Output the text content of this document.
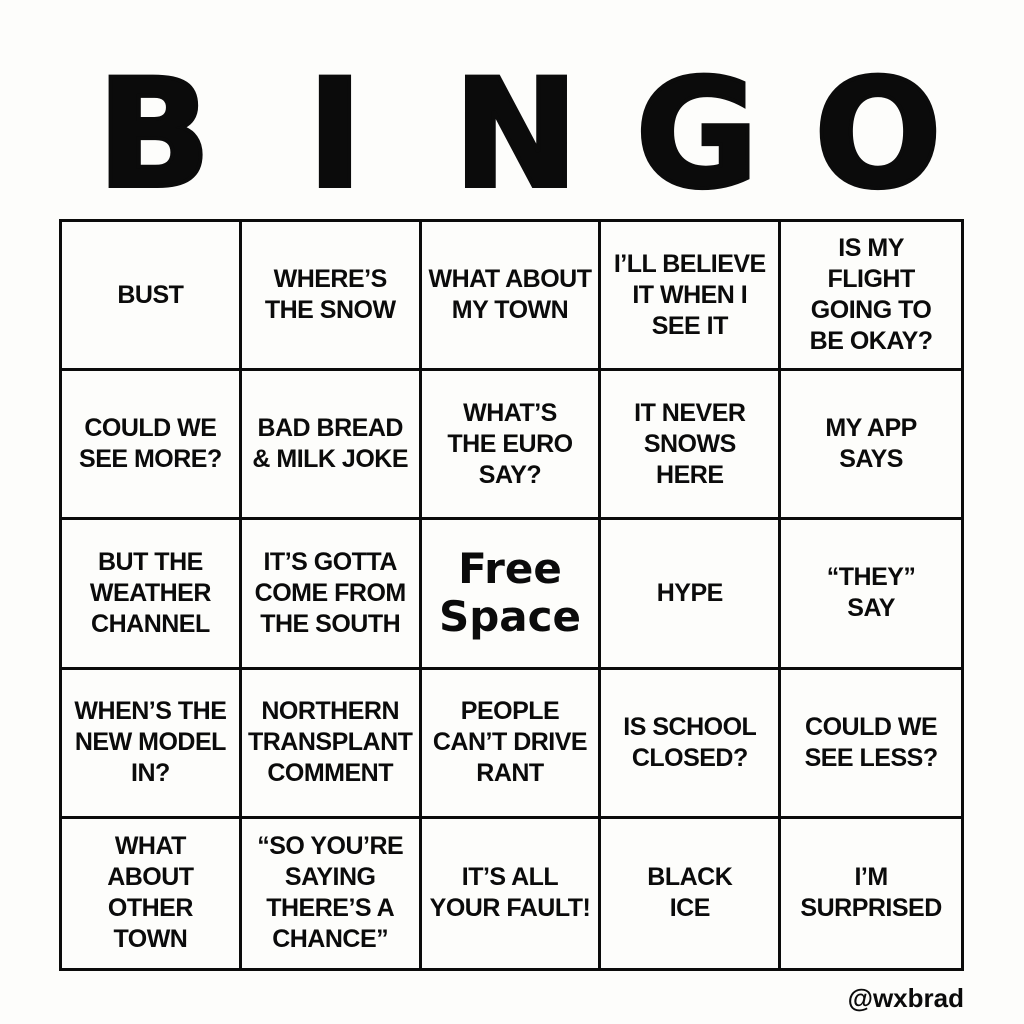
B I N G O
BUST
WHERE’S
THE SNOW
WHAT ABOUT
MY TOWN
I’LL BELIEVE
IT WHEN I
SEE IT
IS MY
FLIGHT
GOING TO
BE OKAY?
COULD WE
SEE MORE?
BAD BREAD
& MILK JOKE
WHAT’S
THE EURO
SAY?
IT NEVER
SNOWS
HERE
MY APP
SAYS
BUT THE
WEATHER
CHANNEL
IT’S GOTTA
COME FROM
THE SOUTH
Free
Space	HYPE
“THEY”
SAY
WHEN’S THE
NEW MODEL
IN?
NORTHERN
TRANSPLANT
COMMENT
PEOPLE
CAN’T DRIVE
RANT
IS SCHOOL
CLOSED?
COULD WE
SEE LESS?
WHAT
ABOUT
OTHER
TOWN
“SO YOU’RE
SAYING
THERE’S A
CHANCE”
IT’S ALL
YOUR FAULT!
BLACK
ICE
I’M
SURPRISED
@wxbrad
